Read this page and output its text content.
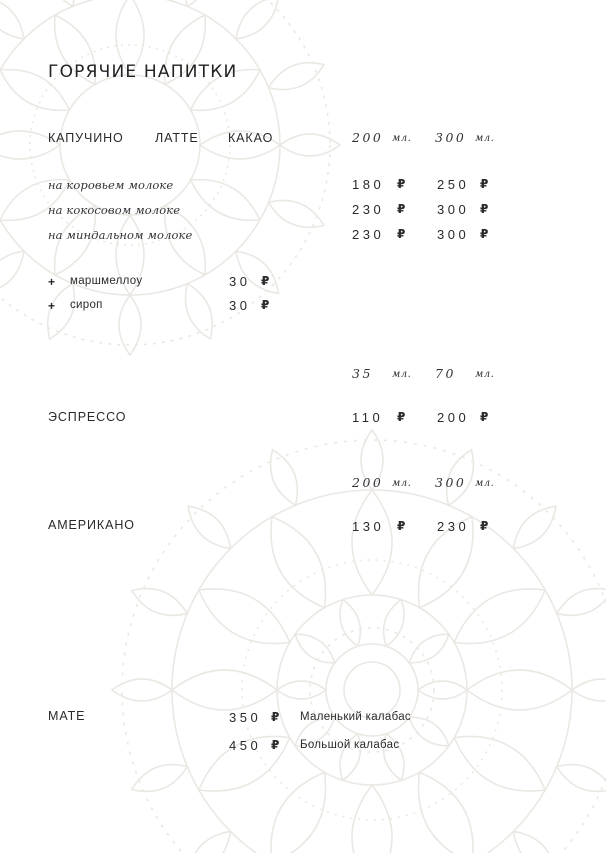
ГОРЯЧИЕ НАПИТКИ
КАПУЧИНО	ЛАТТЕ КАКАО	200 мл. 300 мл.
на коровьем молоке	180 ₽ 250 ₽
на кокосовом молоке	230 ₽ 300 ₽
на миндальном молоке	230 ₽ 300 ₽
+ маршмеллоу	30 ₽
+ сироп	30 ₽
35 мл. 70 мл.
ЭСПРЕССО	110 ₽ 200 ₽
200 мл. 300 мл.
АМЕРИКАНО	130 ₽ 230 ₽
МАТЕ	350 ₽ Маленький калабас
450 ₽ Большой калабас
